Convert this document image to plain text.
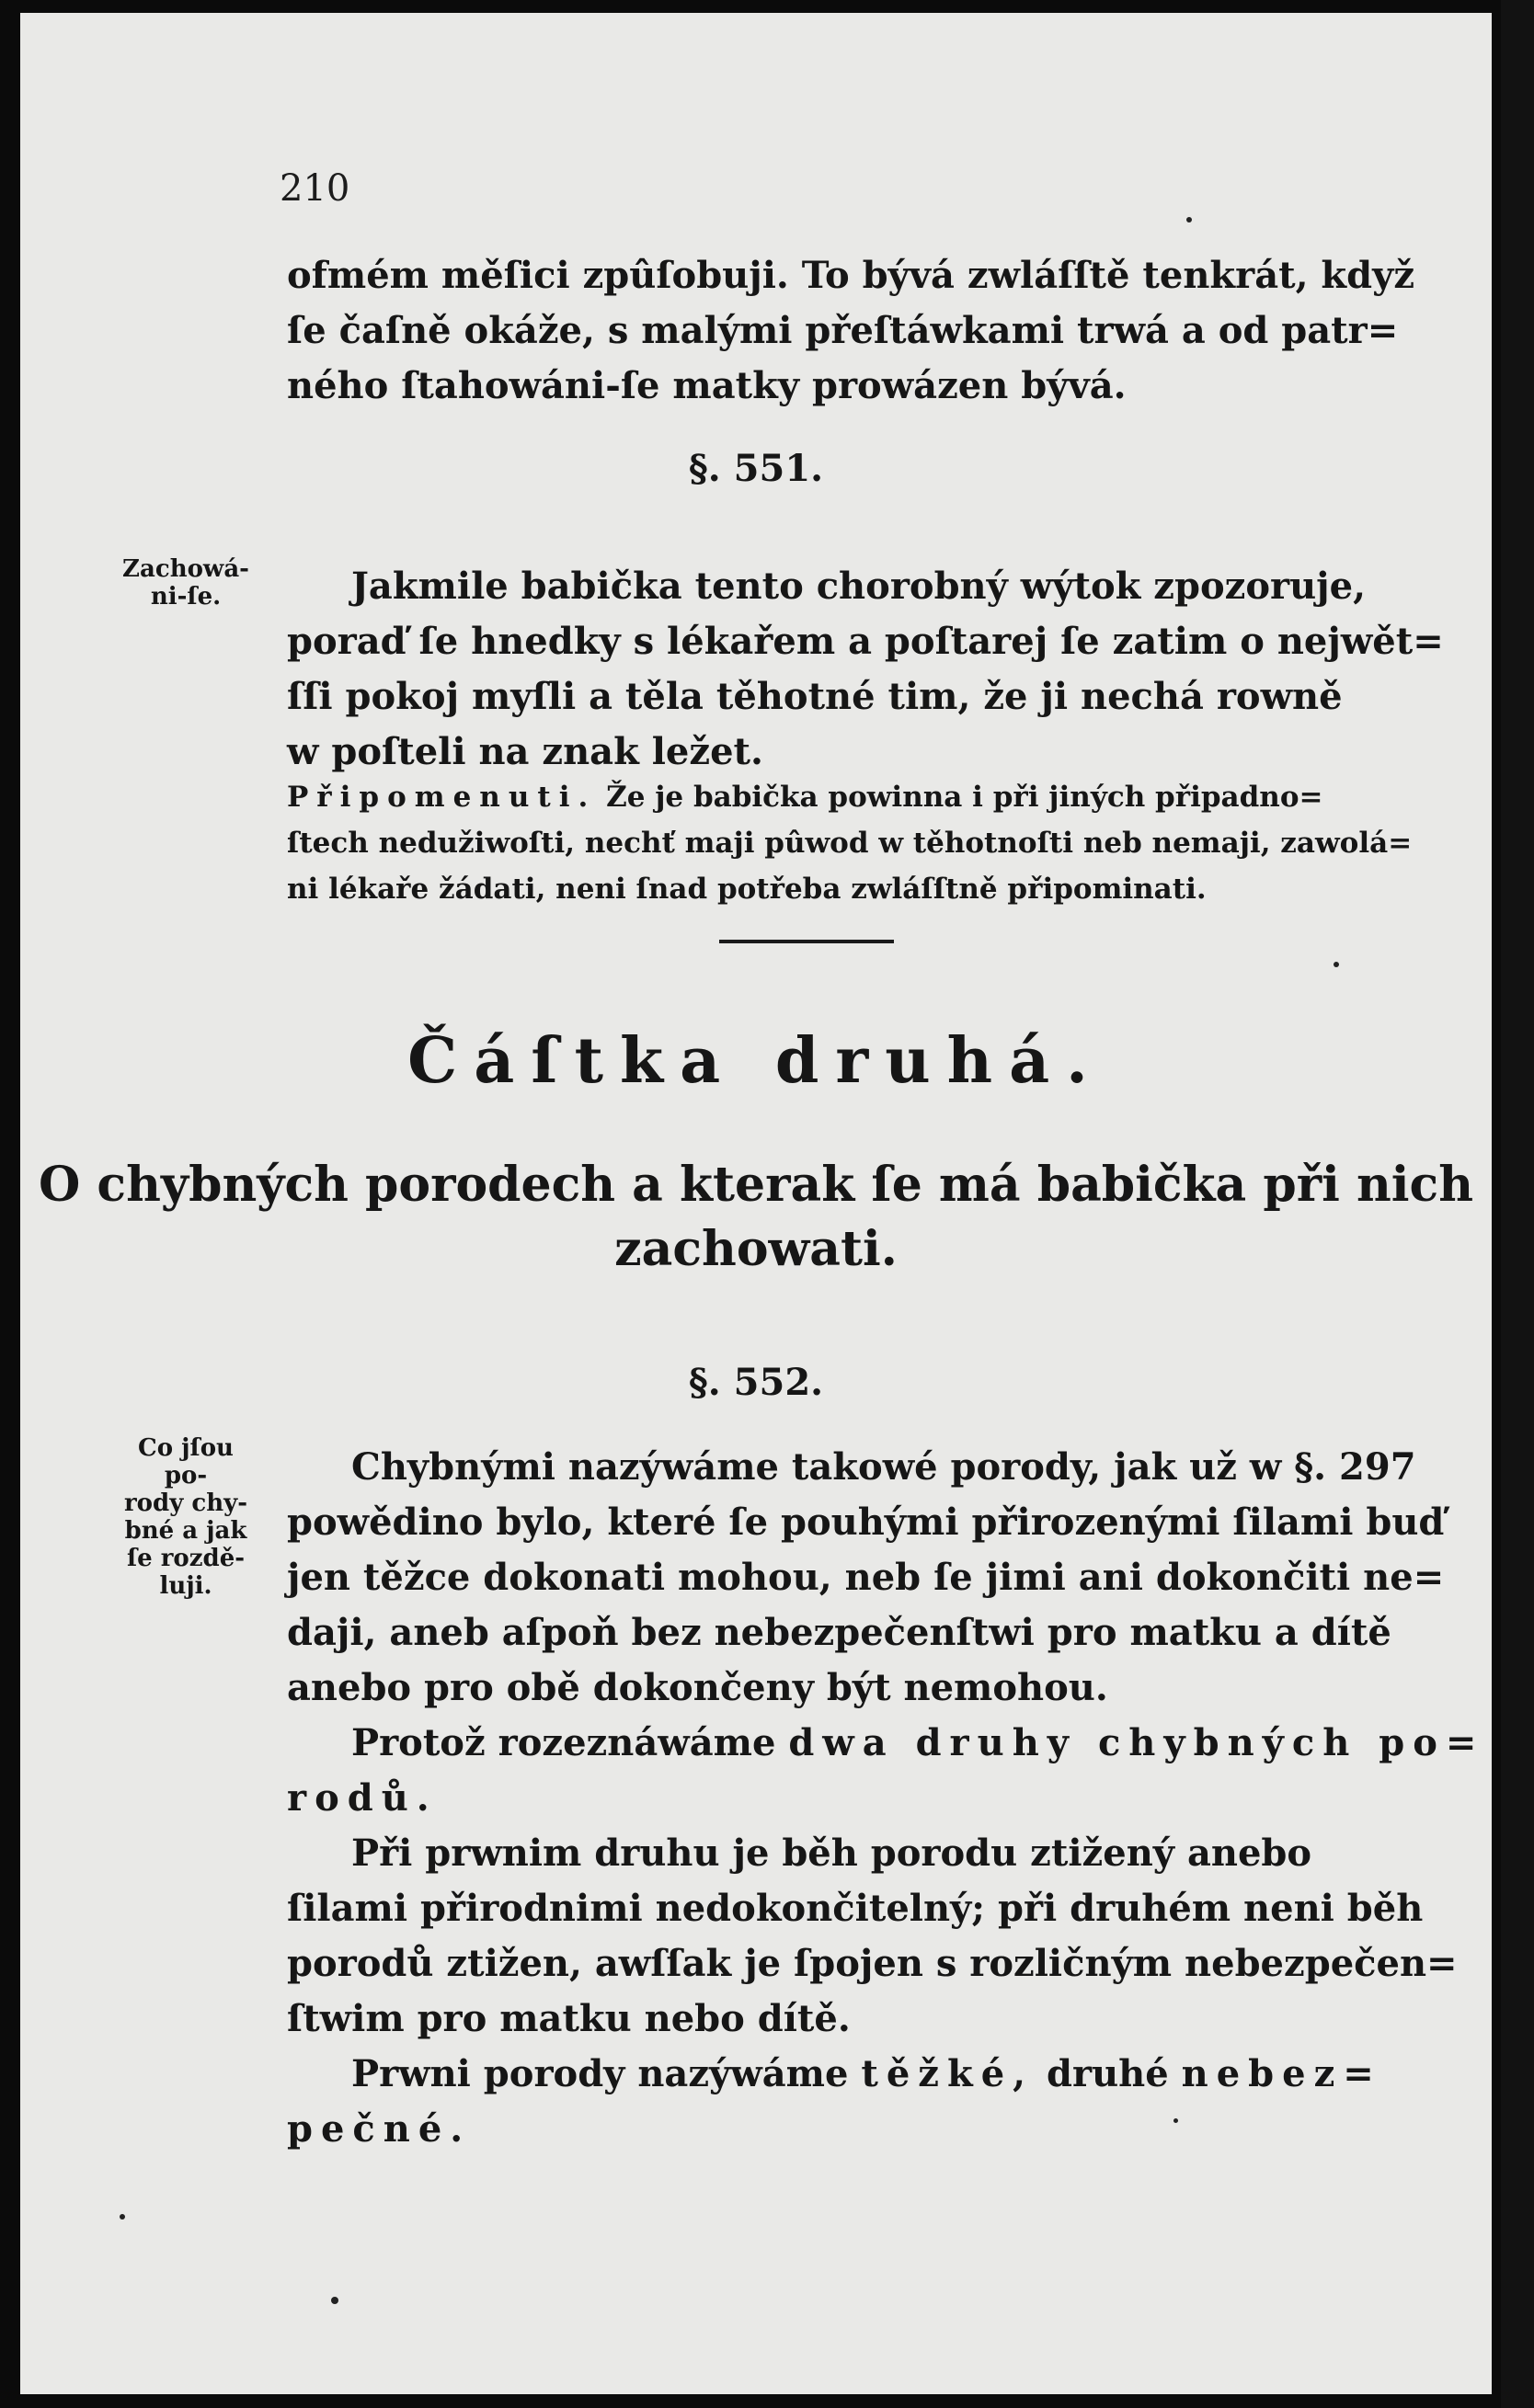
210
ofmém měſici zpûſobuji. To bývá zwláſſtě tenkrát, když
ſe čaſně okáže, s malými přeſtáwkami trwá a od patr=
ného ſtahowáni-ſe matky prowázen bývá.
§. 551.
Zachowá-
ni-ſe.	Jakmile babička tento chorobný wýtok zpozoruje,
poraď ſe hnedky s lékařem a poſtarej ſe zatim o nejwět=
ſſi pokoj myſli a těla těhotné tim, že ji nechá rowně
w poſteli na znak ležet.
Připomenuti. Že je babička powinna i při jiných připadno=
ſtech nedužiwoſti, nechť maji pûwod w těhotnoſti neb nemaji, zawolá=
ni lékaře žádati, neni ſnad potřeba zwláſſtně připominati.
Čáſtka druhá.
O chybných porodech a kterak ſe má babička při nich
zachowati.
§. 552.
Co jſou po-
rody chy-
bné a jak
ſe rozdě-
luji.
Chybnými nazýwáme takowé porody, jak už w §. 297
powědino bylo, které ſe pouhými přirozenými ſilami buď
jen těžce dokonati mohou, neb ſe jimi ani dokončiti ne=
daji, aneb aſpoň bez nebezpečenſtwi pro matku a dítě
anebo pro obě dokončeny být nemohou.
Protož rozeznáwáme dwa druhy chybných po=
rodů.
Při prwnim druhu je běh porodu ztižený anebo
ſilami přirodnimi nedokončitelný; při druhém neni běh
porodů ztižen, awſſak je ſpojen s rozličným nebezpečen=
ſtwim pro matku nebo dítě.
Prwni porody nazýwáme těžké, druhé nebez=
pečné.
